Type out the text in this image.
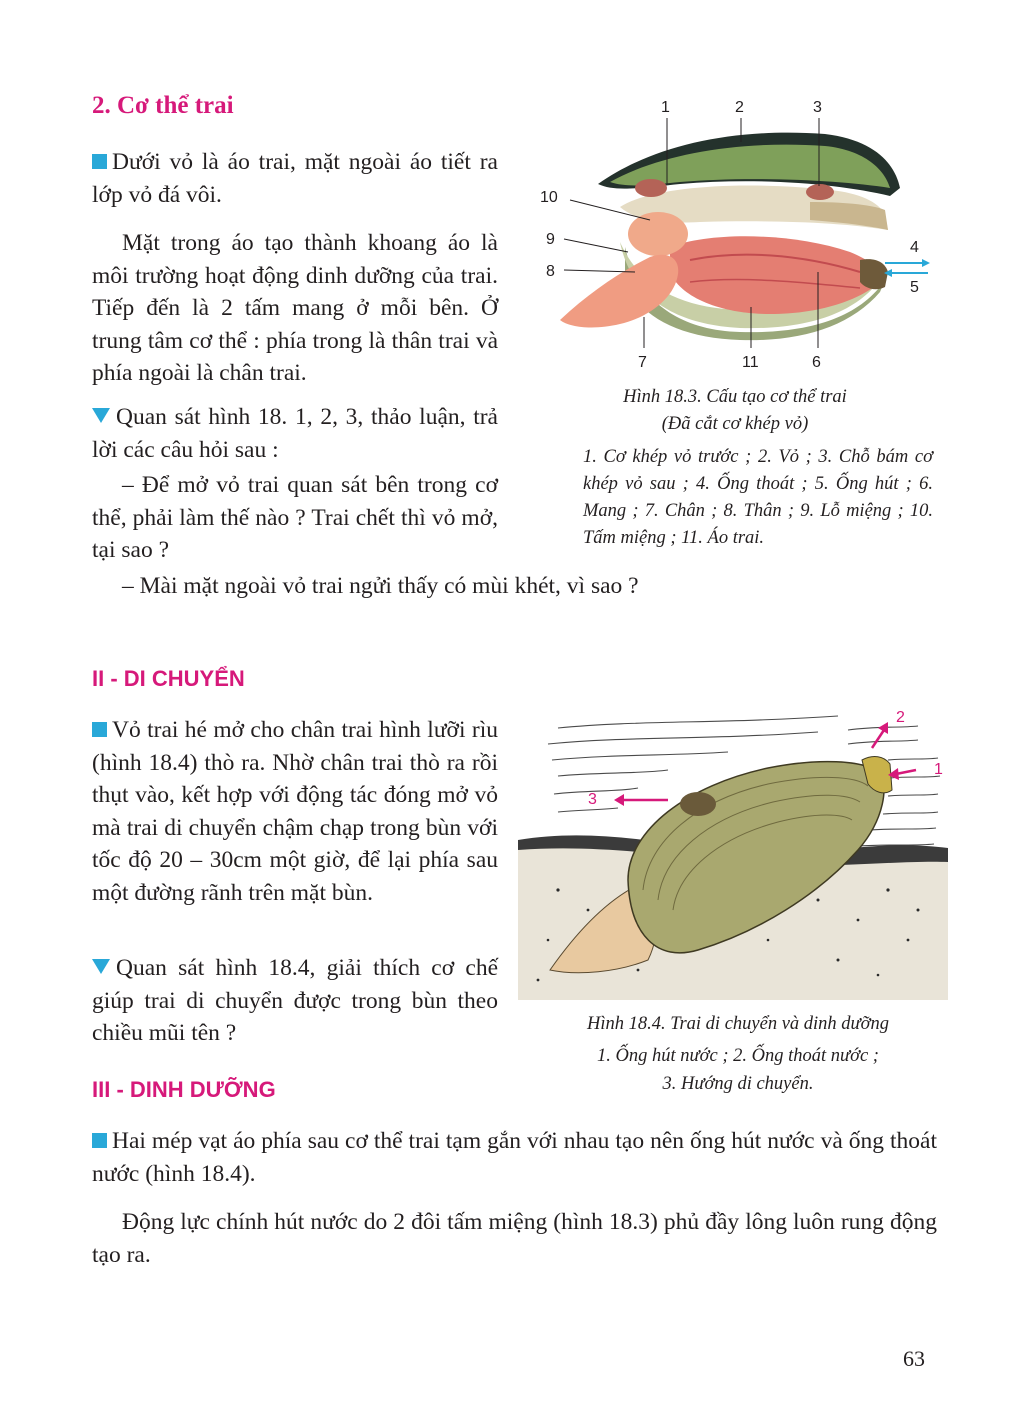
2. Cơ thể trai
Dưới vỏ là áo trai, mặt ngoài áo tiết ra lớp vỏ đá vôi.
Mặt trong áo tạo thành khoang áo là môi trường hoạt động dinh dưỡng của trai. Tiếp đến là 2 tấm mang ở mỗi bên. Ở trung tâm cơ thể : phía trong là thân trai và phía ngoài là chân trai.
Quan sát hình 18. 1, 2, 3, thảo luận, trả lời các câu hỏi sau :
– Để mở vỏ trai quan sát bên trong cơ thể, phải làm thế nào ? Trai chết thì vỏ mở, tại sao ?
– Mài mặt ngoài vỏ trai ngửi thấy có mùi khét, vì sao ?
1	2	3
4
5
6
7
8
9
10
11
Hình 18.3. Cấu tạo cơ thể trai
(Đã cắt cơ khép vỏ)
1. Cơ khép vỏ trước ; 2. Vỏ ; 3. Chỗ bám cơ khép vỏ sau ; 4. Ống thoát ; 5. Ống hút ; 6. Mang ; 7. Chân ; 8. Thân ; 9. Lỗ miệng ; 10. Tấm miệng ; 11. Áo trai.
II - DI CHUYỂN
Vỏ trai hé mở cho chân trai hình lưỡi rìu (hình 18.4) thò ra. Nhờ chân trai thò ra rồi thụt vào, kết hợp với động tác đóng mở vỏ mà trai di chuyển chậm chạp trong bùn với tốc độ 20 – 30cm một giờ, để lại phía sau một đường rãnh trên mặt bùn.
Quan sát hình 18.4, giải thích cơ chế giúp trai di chuyển được trong bùn theo chiều mũi tên ?
1
2
3
Hình 18.4. Trai di chuyển và dinh dưỡng
1. Ống hút nước ; 2. Ống thoát nước ;
3. Hướng di chuyển.
III - DINH DƯỠNG
Hai mép vạt áo phía sau cơ thể trai tạm gắn với nhau tạo nên ống hút nước và ống thoát nước (hình 18.4).
Động lực chính hút nước do 2 đôi tấm miệng (hình 18.3) phủ đầy lông luôn rung động tạo ra.
63
